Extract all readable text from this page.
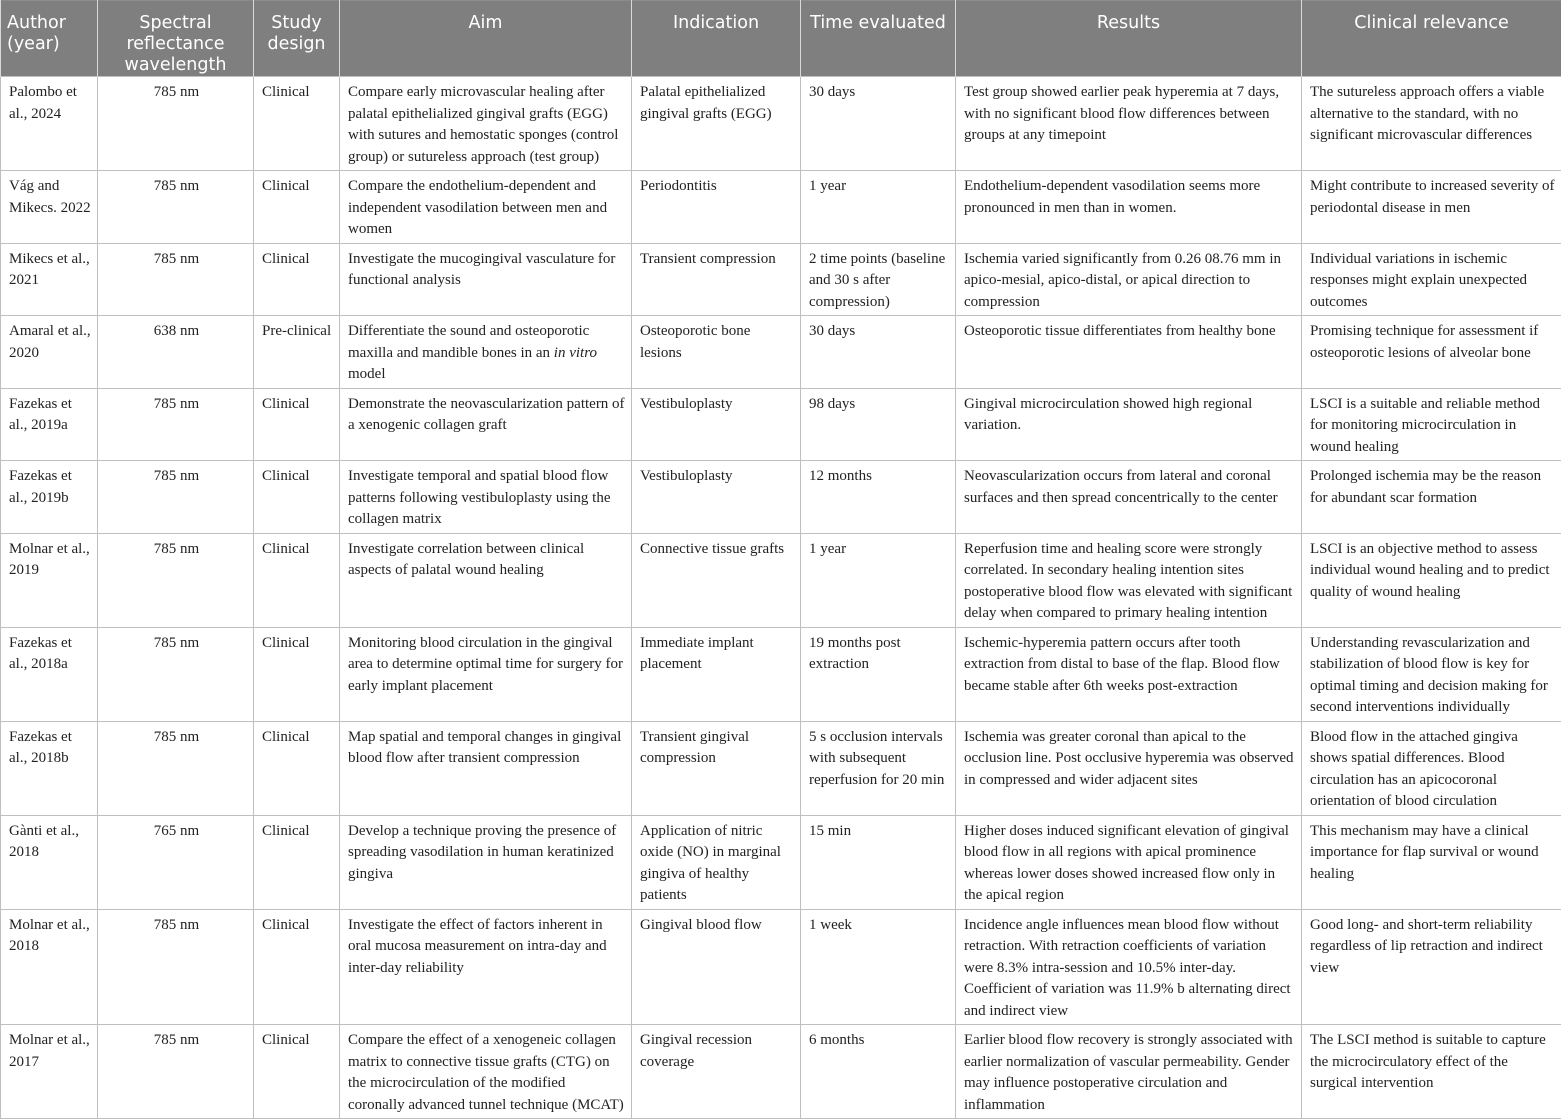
Author (year)	Spectral reflectance wavelength	Study design	Aim	Indication	Time evaluated	Results	Clinical relevance
Palombo et al., 2024	785 nm	Clinical	Compare early microvascular healing after palatal epithelialized gingival grafts (EGG) with sutures and hemostatic sponges (control group) or sutureless approach (test group)	Palatal epithelialized gingival grafts (EGG)	30 days	Test group showed earlier peak hyperemia at 7 days, with no significant blood flow differences between groups at any timepoint	The sutureless approach offers a viable alternative to the standard, with no significant microvascular differences
Vág and Mikecs. 2022	785 nm	Clinical	Compare the endothelium-dependent and independent vasodilation between men and women	Periodontitis	1 year	Endothelium-dependent vasodilation seems more pronounced in men than in women.	Might contribute to increased severity of periodontal disease in men
Mikecs et al., 2021	785 nm	Clinical	Investigate the mucogingival vasculature for functional analysis	Transient compression	2 time points (baseline and 30 s after compression)	Ischemia varied significantly from 0.26 08.76 mm in apico-mesial, apico-distal, or apical direction to compression	Individual variations in ischemic responses might explain unexpected outcomes
Amaral et al., 2020	638 nm	Pre-clinical	Differentiate the sound and osteoporotic maxilla and mandible bones in an in vitro model	Osteoporotic bone lesions	30 days	Osteoporotic tissue differentiates from healthy bone	Promising technique for assessment if osteoporotic lesions of alveolar bone
Fazekas et al., 2019a	785 nm	Clinical	Demonstrate the neovascularization pattern of a xenogenic collagen graft	Vestibuloplasty	98 days	Gingival microcirculation showed high regional variation.	LSCI is a suitable and reliable method for monitoring microcirculation in wound healing
Fazekas et al., 2019b	785 nm	Clinical	Investigate temporal and spatial blood flow patterns following vestibuloplasty using the collagen matrix	Vestibuloplasty	12 months	Neovascularization occurs from lateral and coronal surfaces and then spread concentrically to the center	Prolonged ischemia may be the reason for abundant scar formation
Molnar et al., 2019	785 nm	Clinical	Investigate correlation between clinical aspects of palatal wound healing	Connective tissue grafts	1 year	Reperfusion time and healing score were strongly correlated. In secondary healing intention sites postoperative blood flow was elevated with significant delay when compared to primary healing intention	LSCI is an objective method to assess individual wound healing and to predict quality of wound healing
Fazekas et al., 2018a	785 nm	Clinical	Monitoring blood circulation in the gingival area to determine optimal time for surgery for early implant placement	Immediate implant placement	19 months post extraction	Ischemic-hyperemia pattern occurs after tooth extraction from distal to base of the flap. Blood flow became stable after 6th weeks post-extraction	Understanding revascularization and stabilization of blood flow is key for optimal timing and decision making for second interventions individually
Fazekas et al., 2018b	785 nm	Clinical	Map spatial and temporal changes in gingival blood flow after transient compression	Transient gingival compression	5 s occlusion intervals with subsequent reperfusion for 20 min	Ischemia was greater coronal than apical to the occlusion line. Post occlusive hyperemia was observed in compressed and wider adjacent sites	Blood flow in the attached gingiva shows spatial differences. Blood circulation has an apicocoronal orientation of blood circulation
Gànti et al., 2018	765 nm	Clinical	Develop a technique proving the presence of spreading vasodilation in human keratinized gingiva	Application of nitric oxide (NO) in marginal gingiva of healthy patients	15 min	Higher doses induced significant elevation of gingival blood flow in all regions with apical prominence whereas lower doses showed increased flow only in the apical region	This mechanism may have a clinical importance for flap survival or wound healing
Molnar et al., 2018	785 nm	Clinical	Investigate the effect of factors inherent in oral mucosa measurement on intra-day and inter-day reliability	Gingival blood flow	1 week	Incidence angle influences mean blood flow without retraction. With retraction coefficients of variation were 8.3% intra-session and 10.5% inter-day. Coefficient of variation was 11.9% b alternating direct and indirect view	Good long- and short-term reliability regardless of lip retraction and indirect view
Molnar et al., 2017	785 nm	Clinical	Compare the effect of a xenogeneic collagen matrix to connective tissue grafts (CTG) on the microcirculation of the modified coronally advanced tunnel technique (MCAT)	Gingival recession coverage	6 months	Earlier blood flow recovery is strongly associated with earlier normalization of vascular permeability. Gender may influence postoperative circulation and inflammation	The LSCI method is suitable to capture the microcirculatory effect of the surgical intervention
